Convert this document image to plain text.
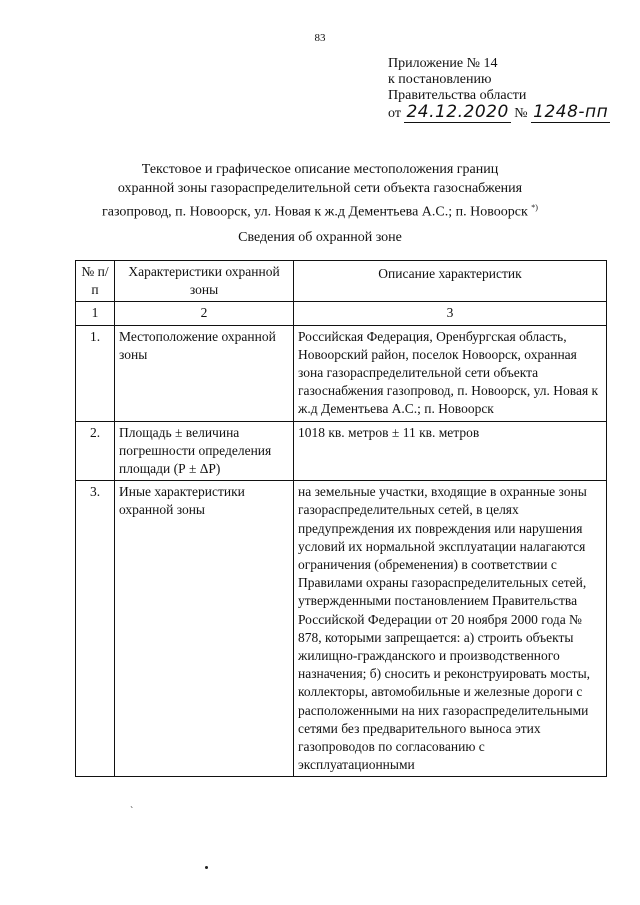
83
Приложение № 14
к постановлению
Правительства области
от 24.12.2020 № 1248-пп
Текстовое и графическое описание местоположения границ
охранной зоны газораспределительной сети объекта газоснабжения
газопровод, п. Новоорск, ул. Новая к ж.д Дементьева А.С.; п. Новоорск *)
Сведения об охранной зоне
№ п/п	Характеристики охранной зоны	Описание характеристик
1	2	3
1.	Местоположение охранной зоны	Российская Федерация, Оренбургская область, Новоорский район, поселок Новоорск, охранная зона газораспределительной сети объекта газоснабжения газопровод, п. Новоорск, ул. Новая к ж.д Дементьева А.С.; п. Новоорск
2.	Площадь ± величина погрешности определения площади (Р ± ΔР)	1018 кв. метров ± 11 кв. метров
3.	Иные характеристики охранной зоны	на земельные участки, входящие в охранные зоны газораспределительных сетей, в целях предупреждения их повреждения или нарушения условий их нормальной эксплуатации налагаются ограничения (обременения) в соответствии с Правилами охраны газораспределительных сетей, утвержденными постановлением Правительства Российской Федерации от 20 ноября 2000 года № 878, которыми запрещается: а) строить объекты жилищно-гражданского и производственного назначения; б) сносить и реконструировать мосты, коллекторы, автомобильные и железные дороги с расположенными на них газораспределительными сетями без предварительного выноса этих газопроводов по согласованию с эксплуатационными
`
